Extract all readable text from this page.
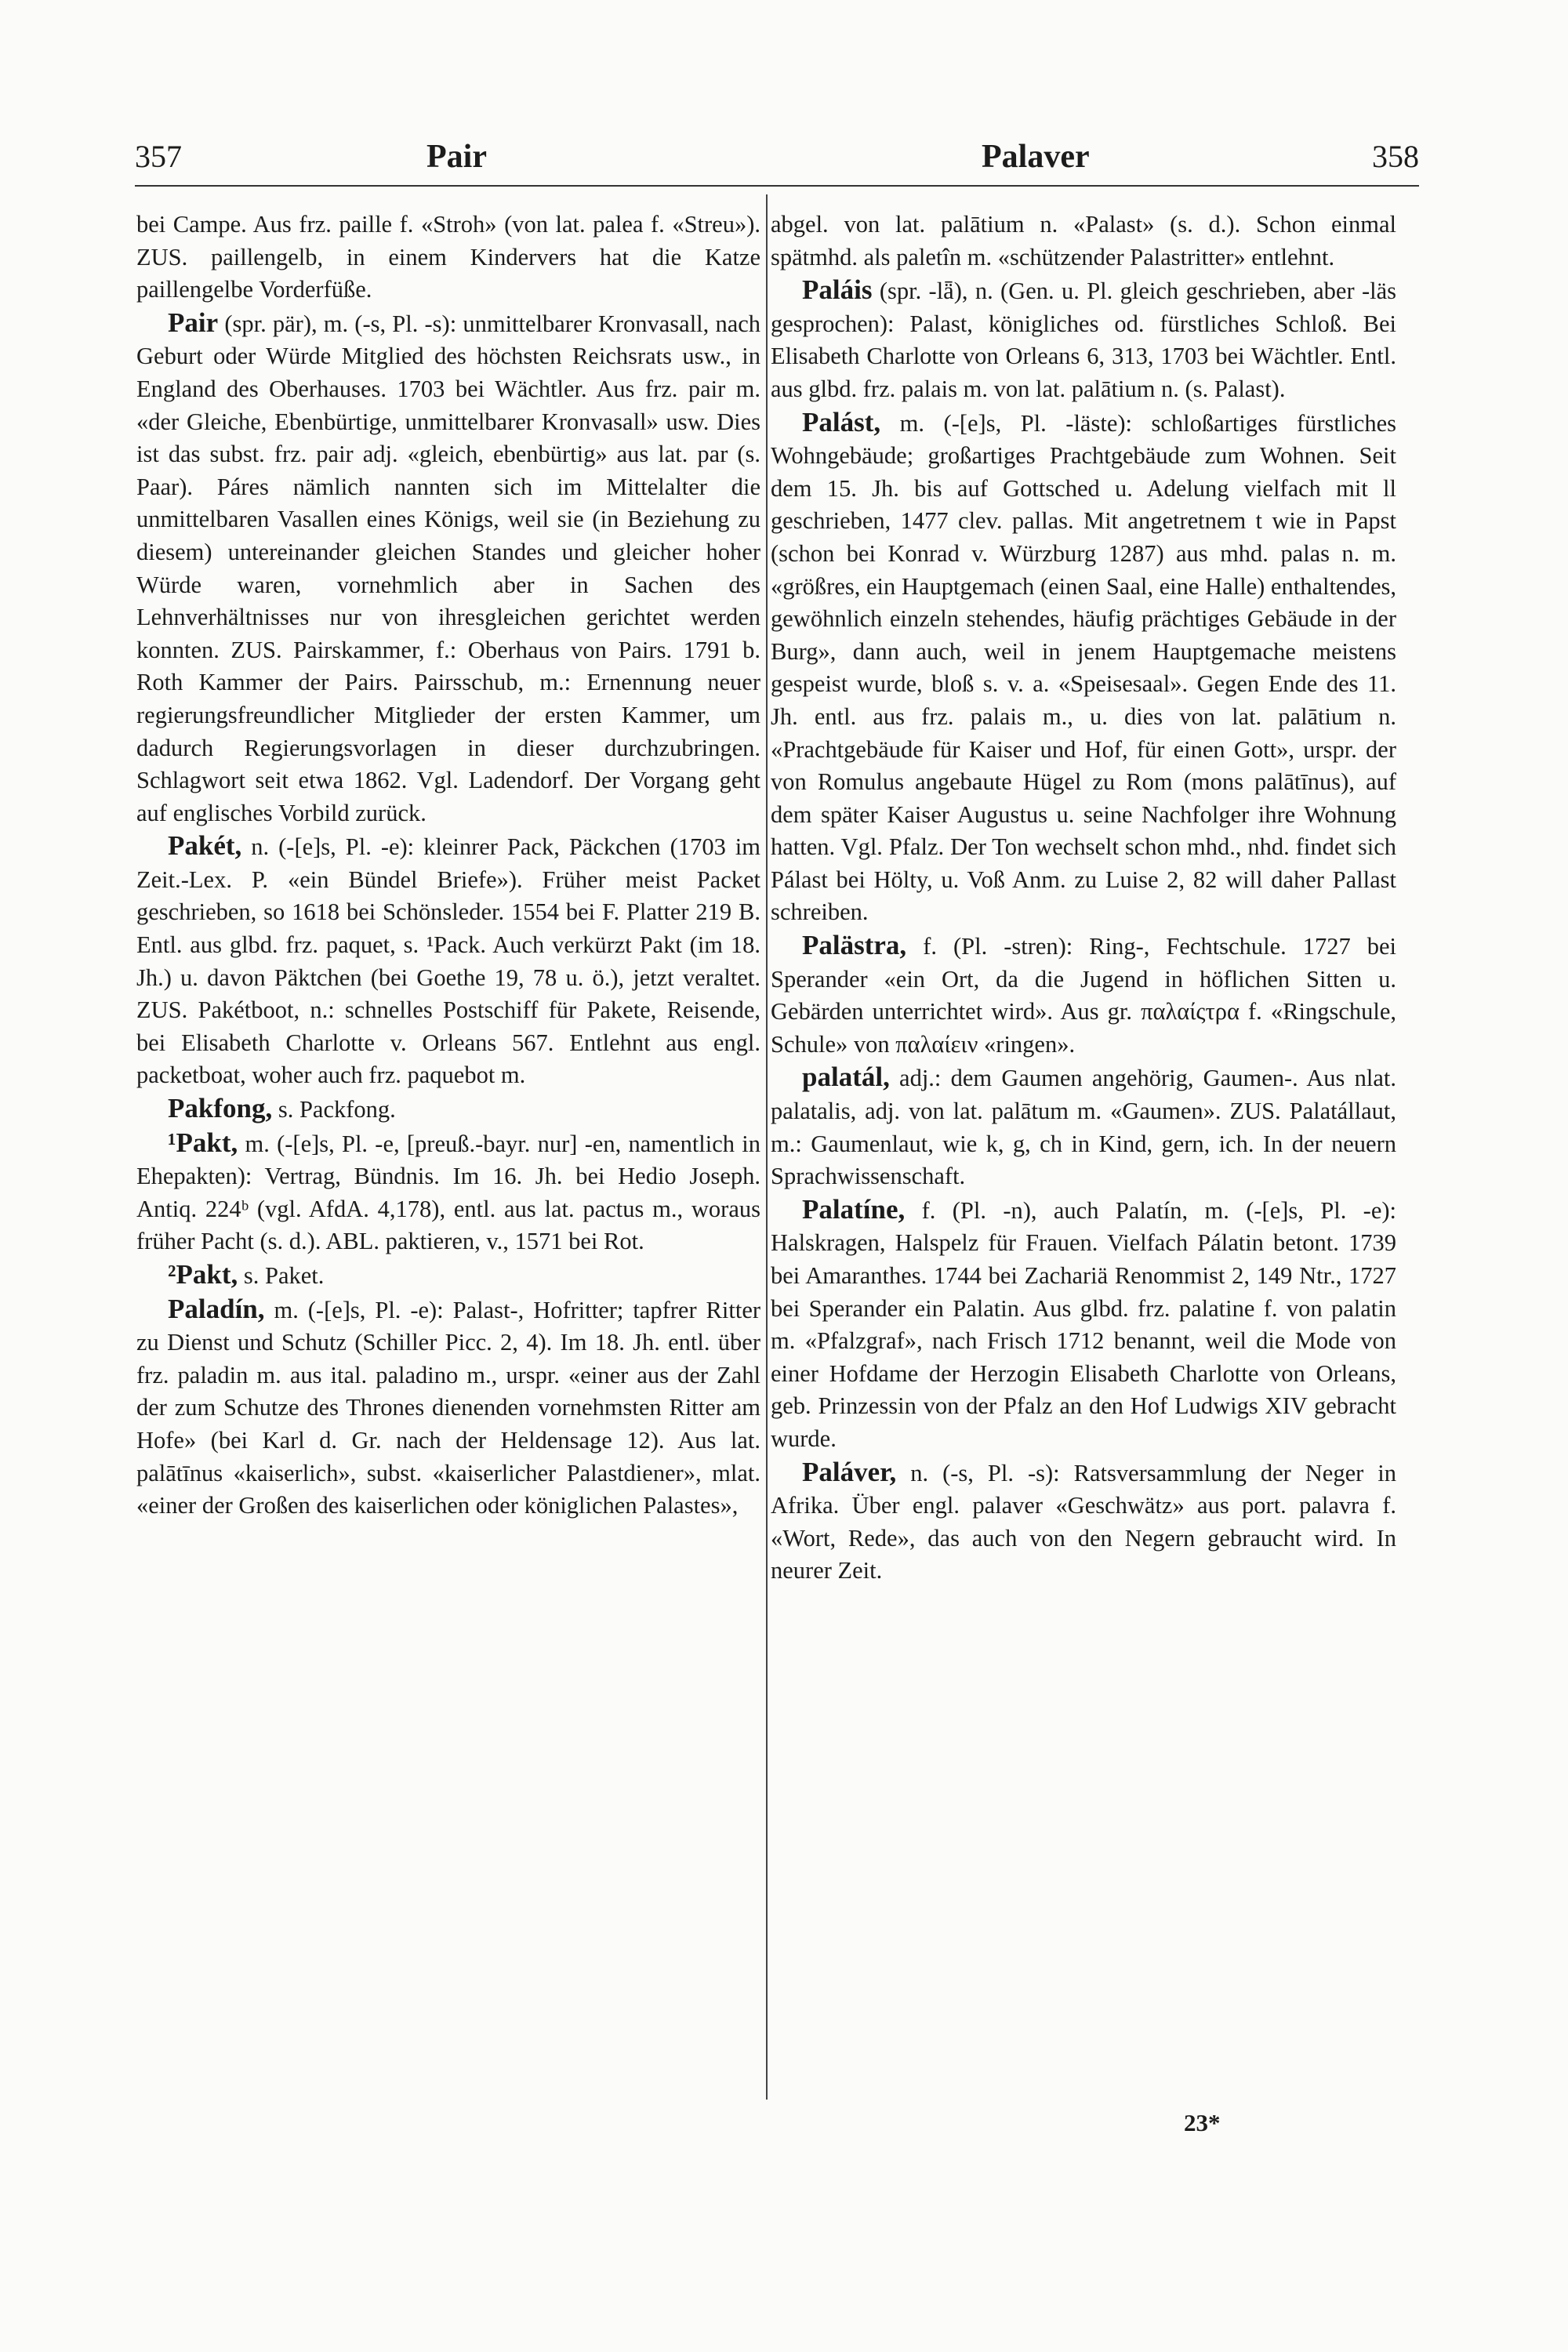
357	Pair	Palaver	358

bei Campe. Aus frz. paille f. «Stroh» (von lat. palea f. «Streu»). ZUS. paillengelb, in einem Kindervers hat die Katze paillengelbe Vorderfüße.

Pair (spr. pär), m. (-s, Pl. -s): unmittelbarer Kronvasall, nach Geburt oder Würde Mitglied des höchsten Reichsrats usw., in England des Oberhauses. 1703 bei Wächtler. Aus frz. pair m. «der Gleiche, Ebenbürtige, unmittelbarer Kronvasall» usw. Dies ist das subst. frz. pair adj. «gleich, ebenbürtig» aus lat. par (s. Paar). Páres nämlich nannten sich im Mittelalter die unmittelbaren Vasallen eines Königs, weil sie (in Beziehung zu diesem) untereinander gleichen Standes und gleicher hoher Würde waren, vornehmlich aber in Sachen des Lehnverhältnisses nur von ihresgleichen gerichtet werden konnten. ZUS. Pairskammer, f.: Oberhaus von Pairs. 1791 b. Roth Kammer der Pairs. Pairsschub, m.: Ernennung neuer regierungsfreundlicher Mitglieder der ersten Kammer, um dadurch Regierungsvorlagen in dieser durchzubringen. Schlagwort seit etwa 1862. Vgl. Ladendorf. Der Vorgang geht auf englisches Vorbild zurück.

Pakét, n. (-[e]s, Pl. -e): kleinrer Pack, Päckchen (1703 im Zeit.-Lex. P. «ein Bündel Briefe»). Früher meist Packet geschrieben, so 1618 bei Schönsleder. 1554 bei F. Platter 219 B. Entl. aus glbd. frz. paquet, s. ¹Pack. Auch verkürzt Pakt (im 18. Jh.) u. davon Päktchen (bei Goethe 19, 78 u. ö.), jetzt veraltet. ZUS. Pakétboot, n.: schnelles Postschiff für Pakete, Reisende, bei Elisabeth Charlotte v. Orleans 567. Entlehnt aus engl. packetboat, woher auch frz. paquebot m.

Pakfong, s. Packfong.

¹Pakt, m. (-[e]s, Pl. -e, [preuß.-bayr. nur] -en, namentlich in Ehepakten): Vertrag, Bündnis. Im 16. Jh. bei Hedio Joseph. Antiq. 224ᵇ (vgl. AfdA. 4,178), entl. aus lat. pactus m., woraus früher Pacht (s. d.). ABL. paktieren, v., 1571 bei Rot.

²Pakt, s. Paket.

Paladín, m. (-[e]s, Pl. -e): Palast-, Hofritter; tapfrer Ritter zu Dienst und Schutz (Schiller Picc. 2, 4). Im 18. Jh. entl. über frz. paladin m. aus ital. paladino m., urspr. «einer aus der Zahl der zum Schutze des Thrones dienenden vornehmsten Ritter am Hofe» (bei Karl d. Gr. nach der Heldensage 12). Aus lat. palātīnus «kaiserlich», subst. «kaiserlicher Palastdiener», mlat. «einer der Großen des kaiserlichen oder königlichen Palastes»,

abgel. von lat. palātium n. «Palast» (s. d.). Schon einmal spätmhd. als paletîn m. «schützender Palastritter» entlehnt.

Paláis (spr. -lǟ), n. (Gen. u. Pl. gleich geschrieben, aber -läs gesprochen): Palast, königliches od. fürstliches Schloß. Bei Elisabeth Charlotte von Orleans 6, 313, 1703 bei Wächtler. Entl. aus glbd. frz. palais m. von lat. palātium n. (s. Palast).

Palást, m. (-[e]s, Pl. -läste): schloßartiges fürstliches Wohngebäude; großartiges Prachtgebäude zum Wohnen. Seit dem 15. Jh. bis auf Gottsched u. Adelung vielfach mit ll geschrieben, 1477 clev. pallas. Mit angetretnem t wie in Papst (schon bei Konrad v. Würzburg 1287) aus mhd. palas n. m. «größres, ein Hauptgemach (einen Saal, eine Halle) enthaltendes, gewöhnlich einzeln stehendes, häufig prächtiges Gebäude in der Burg», dann auch, weil in jenem Hauptgemache meistens gespeist wurde, bloß s. v. a. «Speisesaal». Gegen Ende des 11. Jh. entl. aus frz. palais m., u. dies von lat. palātium n. «Prachtgebäude für Kaiser und Hof, für einen Gott», urspr. der von Romulus angebaute Hügel zu Rom (mons palātīnus), auf dem später Kaiser Augustus u. seine Nachfolger ihre Wohnung hatten. Vgl. Pfalz. Der Ton wechselt schon mhd., nhd. findet sich Pálast bei Hölty, u. Voß Anm. zu Luise 2, 82 will daher Pallast schreiben.

Palästra, f. (Pl. -stren): Ring-, Fechtschule. 1727 bei Sperander «ein Ort, da die Jugend in höflichen Sitten u. Gebärden unterrichtet wird». Aus gr. παλαίςτρα f. «Ringschule, Schule» von παλαίειν «ringen».

palatál, adj.: dem Gaumen angehörig, Gaumen-. Aus nlat. palatalis, adj. von lat. palātum m. «Gaumen». ZUS. Palatállaut, m.: Gaumenlaut, wie k, g, ch in Kind, gern, ich. In der neuern Sprachwissenschaft.

Palatíne, f. (Pl. -n), auch Palatín, m. (-[e]s, Pl. -e): Halskragen, Halspelz für Frauen. Vielfach Pálatin betont. 1739 bei Amaranthes. 1744 bei Zachariä Renommist 2, 149 Ntr., 1727 bei Sperander ein Palatin. Aus glbd. frz. palatine f. von palatin m. «Pfalzgraf», nach Frisch 1712 benannt, weil die Mode von einer Hofdame der Herzogin Elisabeth Charlotte von Orleans, geb. Prinzessin von der Pfalz an den Hof Ludwigs XIV gebracht wurde.

Paláver, n. (-s, Pl. -s): Ratsversammlung der Neger in Afrika. Über engl. palaver «Geschwätz» aus port. palavra f. «Wort, Rede», das auch von den Negern gebraucht wird. In neurer Zeit.

23*
